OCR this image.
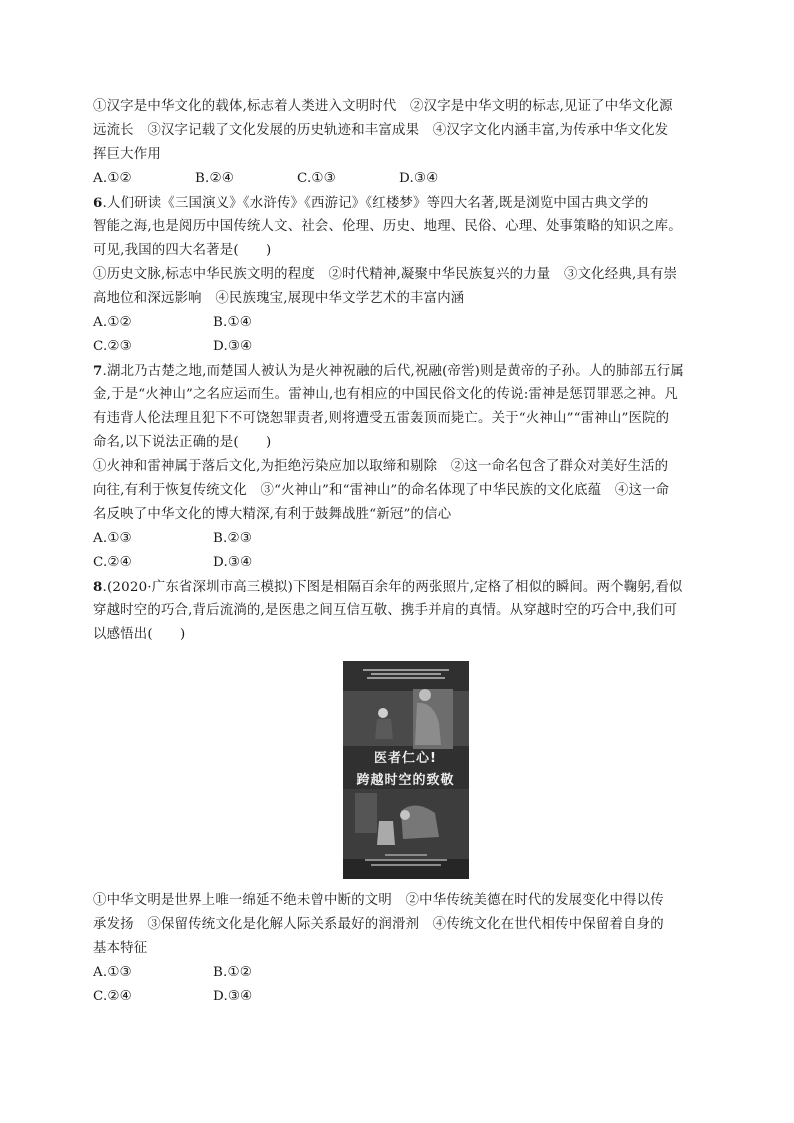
①汉字是中华文化的载体,标志着人类进入文明时代　②汉字是中华文明的标志,见证了中华文化源
远流长　③汉字记载了文化发展的历史轨迹和丰富成果　④汉字文化内涵丰富,为传承中华文化发
挥巨大作用
A.①②	B.②④	C.①③	D.③④
6.人们研读《三国演义》《水浒传》《西游记》《红楼梦》等四大名著,既是浏览中国古典文学的
智能之海,也是阅历中国传统人文、社会、伦理、历史、地理、民俗、心理、处事策略的知识之库。
可见,我国的四大名著是(　　)
①历史文脉,标志中华民族文明的程度　②时代精神,凝聚中华民族复兴的力量　③文化经典,具有崇
高地位和深远影响　④民族瑰宝,展现中华文学艺术的丰富内涵
A.①②	B.①④
C.②③	D.③④
7.湖北乃古楚之地,而楚国人被认为是火神祝融的后代,祝融(帝喾)则是黄帝的子孙。人的肺部五行属
金,于是“火神山”之名应运而生。雷神山,也有相应的中国民俗文化的传说:雷神是惩罚罪恶之神。凡
有违背人伦法理且犯下不可饶恕罪责者,则将遭受五雷轰顶而毙亡。关于“火神山”“雷神山”医院的
命名,以下说法正确的是(　　)
①火神和雷神属于落后文化,为拒绝污染应加以取缔和剔除　②这一命名包含了群众对美好生活的
向往,有利于恢复传统文化　③“火神山”和“雷神山”的命名体现了中华民族的文化底蕴　④这一命
名反映了中华文化的博大精深,有利于鼓舞战胜“新冠”的信心
A.①③	B.②③
C.②④	D.③④
8.(2020·广东省深圳市高三模拟)下图是相隔百余年的两张照片,定格了相似的瞬间。两个鞠躬,看似
穿越时空的巧合,背后流淌的,是医患之间互信互敬、携手并肩的真情。从穿越时空的巧合中,我们可
以感悟出(　　)
医者仁心!
跨越时空的致敬
①中华文明是世界上唯一绵延不绝未曾中断的文明　②中华传统美德在时代的发展变化中得以传
承发扬　③保留传统文化是化解人际关系最好的润滑剂　④传统文化在世代相传中保留着自身的
基本特征
A.①③	B.①②
C.②④	D.③④
